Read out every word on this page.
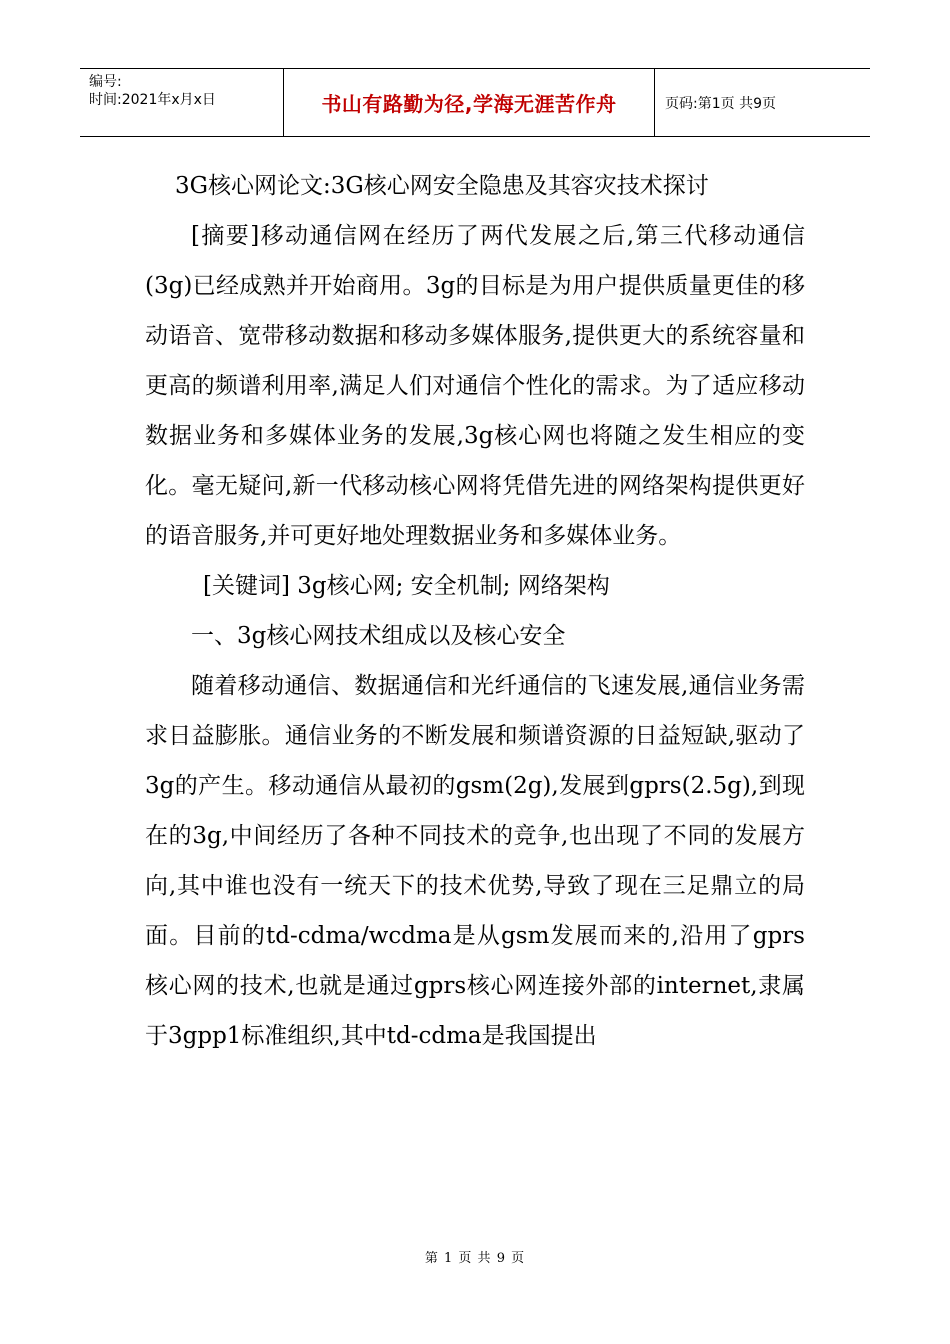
编号:
时间:2021年x月x日	书山有路勤为径,学海无涯苦作舟	页码:第1页 共9页

3G核心网论文:3G核心网安全隐患及其容灾技术探讨

[摘要]移动通信网在经历了两代发展之后,第三代移动通信(3g)已经成熟并开始商用。3g的目标是为用户提供质量更佳的移动语音、宽带移动数据和移动多媒体服务,提供更大的系统容量和更高的频谱利用率,满足人们对通信个性化的需求。为了适应移动数据业务和多媒体业务的发展,3g核心网也将随之发生相应的变化。毫无疑问,新一代移动核心网将凭借先进的网络架构提供更好的语音服务,并可更好地处理数据业务和多媒体业务。

[关键词] 3g核心网; 安全机制; 网络架构

一、3g核心网技术组成以及核心安全

随着移动通信、数据通信和光纤通信的飞速发展,通信业务需求日益膨胀。通信业务的不断发展和频谱资源的日益短缺,驱动了3g的产生。移动通信从最初的gsm(2g),发展到gprs(2.5g),到现在的3g,中间经历了各种不同技术的竞争,也出现了不同的发展方向,其中谁也没有一统天下的技术优势,导致了现在三足鼎立的局面。目前的td-cdma/wcdma是从gsm发展而来的,沿用了gprs核心网的技术,也就是通过gprs核心网连接外部的internet,隶属于3gpp1标准组织,其中td-cdma是我国提出

第 1 页 共 9 页
